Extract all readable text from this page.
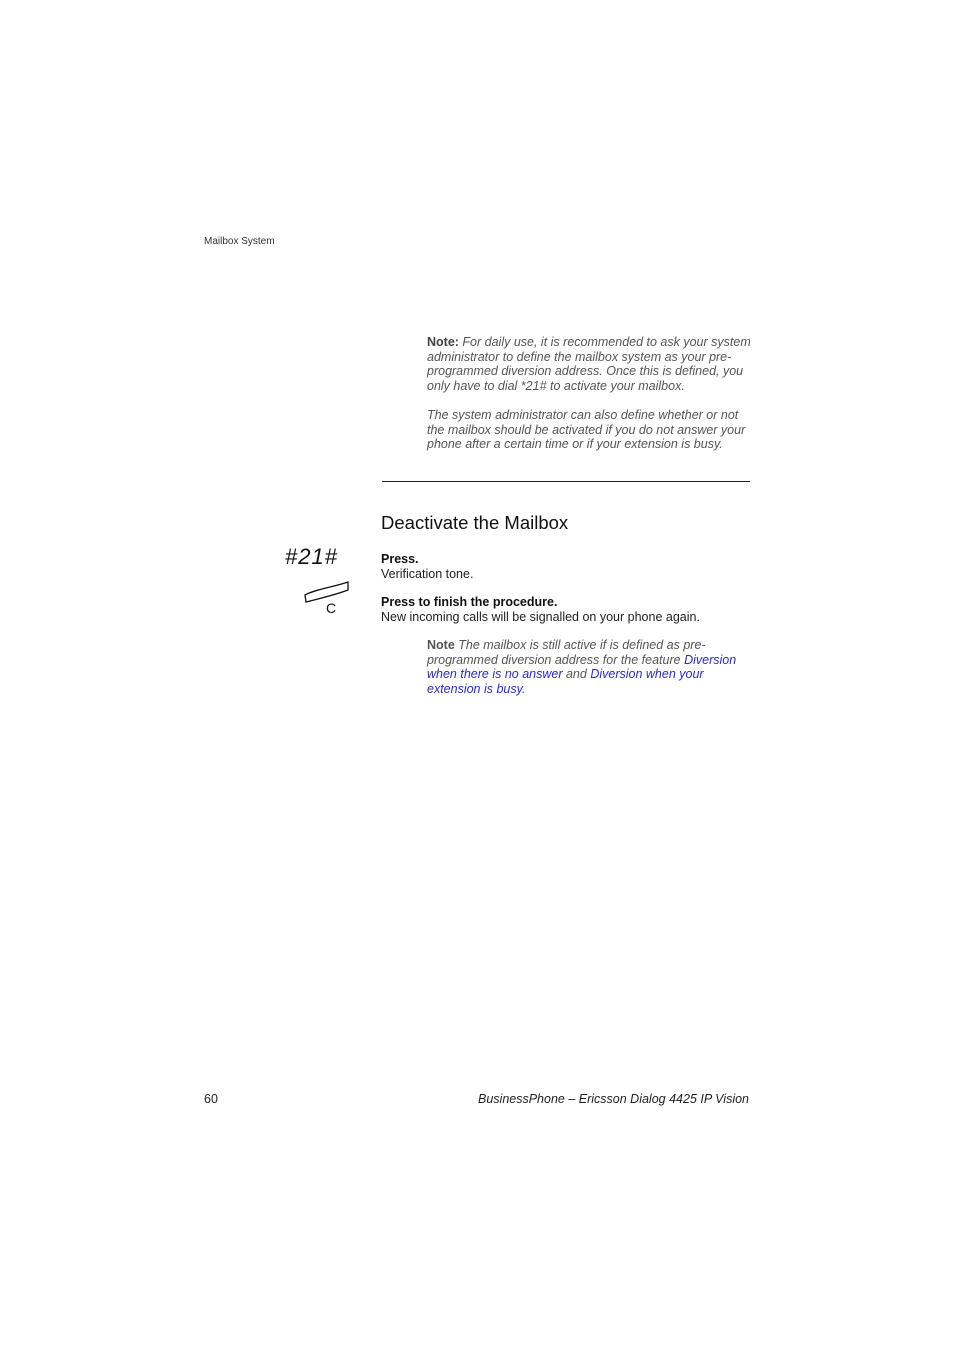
Mailbox System
Note: For daily use, it is recommended to ask your system administrator to define the mailbox system as your pre-programmed diversion address. Once this is defined, you only have to dial *21# to activate your mailbox.
The system administrator can also define whether or not the mailbox should be activated if you do not answer your phone after a certain time or if your extension is busy.
Deactivate the Mailbox
#21#
C
Press.
Verification tone.
Press to finish the procedure.
New incoming calls will be signalled on your phone again.
Note The mailbox is still active if is defined as pre-programmed diversion address for the feature Diversion when there is no answer and Diversion when your extension is busy.
60	BusinessPhone – Ericsson Dialog 4425 IP Vision
